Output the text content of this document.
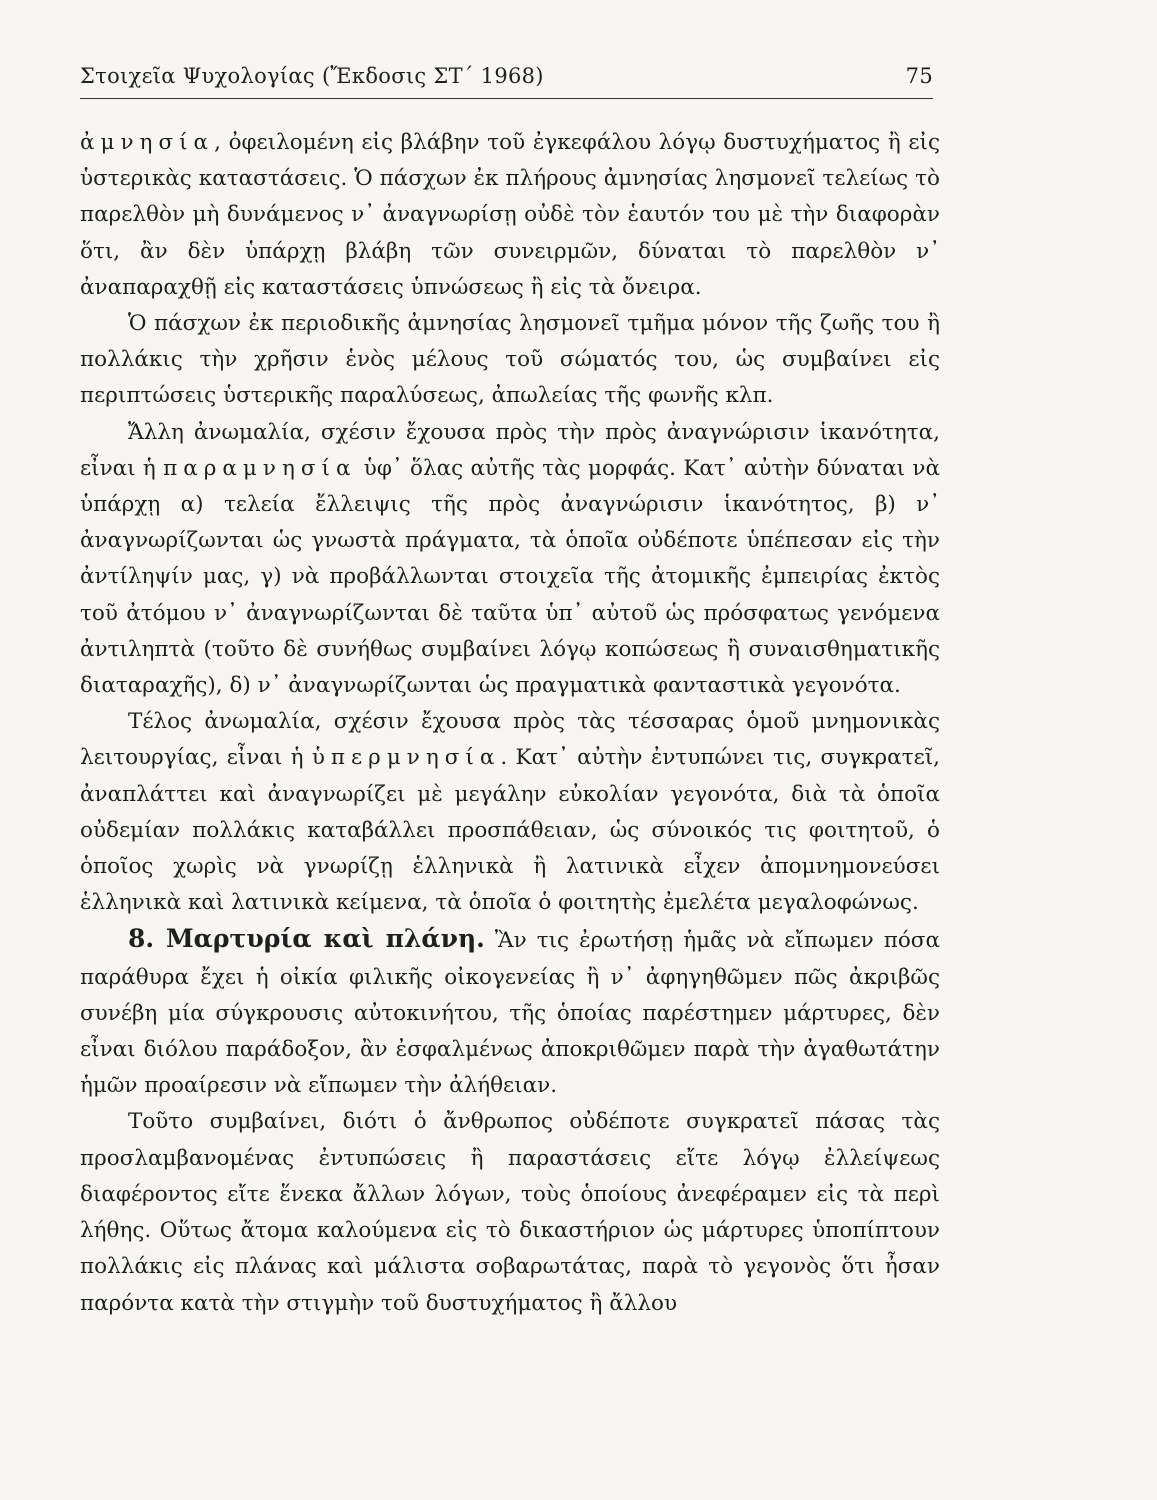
Στοιχεῖα Ψυχολογίας (Ἔκδοσις ΣΤ΄ 1968)	75

ἀμνησία, ὀφειλομένη εἰς βλάβην τοῦ ἐγκεφάλου λόγῳ δυστυχήματος ἢ εἰς ὑστερικὰς καταστάσεις. Ὁ πάσχων ἐκ πλήρους ἀμνησίας λησμονεῖ τελείως τὸ παρελθὸν μὴ δυνάμενος ν᾽ ἀναγνωρίσῃ οὐδὲ τὸν ἑαυτόν του μὲ τὴν διαφορὰν ὅτι, ἂν δὲν ὑπάρχῃ βλάβη τῶν συνειρμῶν, δύναται τὸ παρελθὸν ν᾽ ἀναπαραχθῇ εἰς καταστάσεις ὑπνώσεως ἢ εἰς τὰ ὄνειρα.

Ὁ πάσχων ἐκ περιοδικῆς ἀμνησίας λησμονεῖ τμῆμα μόνον τῆς ζωῆς του ἢ πολλάκις τὴν χρῆσιν ἑνὸς μέλους τοῦ σώματός του, ὡς συμβαίνει εἰς περιπτώσεις ὑστερικῆς παραλύσεως, ἀπωλείας τῆς φωνῆς κλπ.

Ἄλλη ἀνωμαλία, σχέσιν ἔχουσα πρὸς τὴν πρὸς ἀναγνώρισιν ἱκανότητα, εἶναι ἡ παραμνησία ὑφ᾽ ὅλας αὐτῆς τὰς μορφάς. Κατ᾽ αὐτὴν δύναται νὰ ὑπάρχῃ α) τελεία ἔλλειψις τῆς πρὸς ἀναγνώρισιν ἱκανότητος, β) ν᾽ ἀναγνωρίζωνται ὡς γνωστὰ πράγματα, τὰ ὁποῖα οὐδέποτε ὑπέπεσαν εἰς τὴν ἀντίληψίν μας, γ) νὰ προβάλλωνται στοιχεῖα τῆς ἀτομικῆς ἐμπειρίας ἐκτὸς τοῦ ἀτόμου ν᾽ ἀναγνωρίζωνται δὲ ταῦτα ὑπ᾽ αὐτοῦ ὡς πρόσφατως γενόμενα ἀντιληπτὰ (τοῦτο δὲ συνήθως συμβαίνει λόγῳ κοπώσεως ἢ συναισθηματικῆς διαταραχῆς), δ) ν᾽ ἀναγνωρίζωνται ὡς πραγματικὰ φανταστικὰ γεγονότα.

Τέλος ἀνωμαλία, σχέσιν ἔχουσα πρὸς τὰς τέσσαρας ὁμοῦ μνημονικὰς λειτουργίας, εἶναι ἡ ὑπερμνησία. Κατ᾽ αὐτὴν ἐντυπώνει τις, συγκρατεῖ, ἀναπλάττει καὶ ἀναγνωρίζει μὲ μεγάλην εὐκολίαν γεγονότα, διὰ τὰ ὁποῖα οὐδεμίαν πολλάκις καταβάλλει προσπάθειαν, ὡς σύνοικός τις φοιτητοῦ, ὁ ὁποῖος χωρὶς νὰ γνωρίζῃ ἑλληνικὰ ἢ λατινικὰ εἶχεν ἀπομνημονεύσει ἑλληνικὰ καὶ λατινικὰ κείμενα, τὰ ὁποῖα ὁ φοιτητὴς ἐμελέτα μεγαλοφώνως.

8. Μαρτυρία καὶ πλάνη. Ἂν τις ἐρωτήσῃ ἡμᾶς νὰ εἴπωμεν πόσα παράθυρα ἔχει ἡ οἰκία φιλικῆς οἰκογενείας ἢ ν᾽ ἀφηγηθῶμεν πῶς ἀκριβῶς συνέβη μία σύγκρουσις αὐτοκινήτου, τῆς ὁποίας παρέστημεν μάρτυρες, δὲν εἶναι διόλου παράδοξον, ἂν ἐσφαλμένως ἀποκριθῶμεν παρὰ τὴν ἀγαθωτάτην ἡμῶν προαίρεσιν νὰ εἴπωμεν τὴν ἀλήθειαν.

Τοῦτο συμβαίνει, διότι ὁ ἄνθρωπος οὐδέποτε συγκρατεῖ πάσας τὰς προσλαμβανομένας ἐντυπώσεις ἢ παραστάσεις εἴτε λόγῳ ἐλλείψεως διαφέροντος εἴτε ἕνεκα ἄλλων λόγων, τοὺς ὁποίους ἀνεφέραμεν εἰς τὰ περὶ λήθης. Οὕτως ἄτομα καλούμενα εἰς τὸ δικαστήριον ὡς μάρτυρες ὑποπίπτουν πολλάκις εἰς πλάνας καὶ μάλιστα σοβαρωτάτας, παρὰ τὸ γεγονὸς ὅτι ἦσαν παρόντα κατὰ τὴν στιγμὴν τοῦ δυστυχήματος ἢ ἄλλου
